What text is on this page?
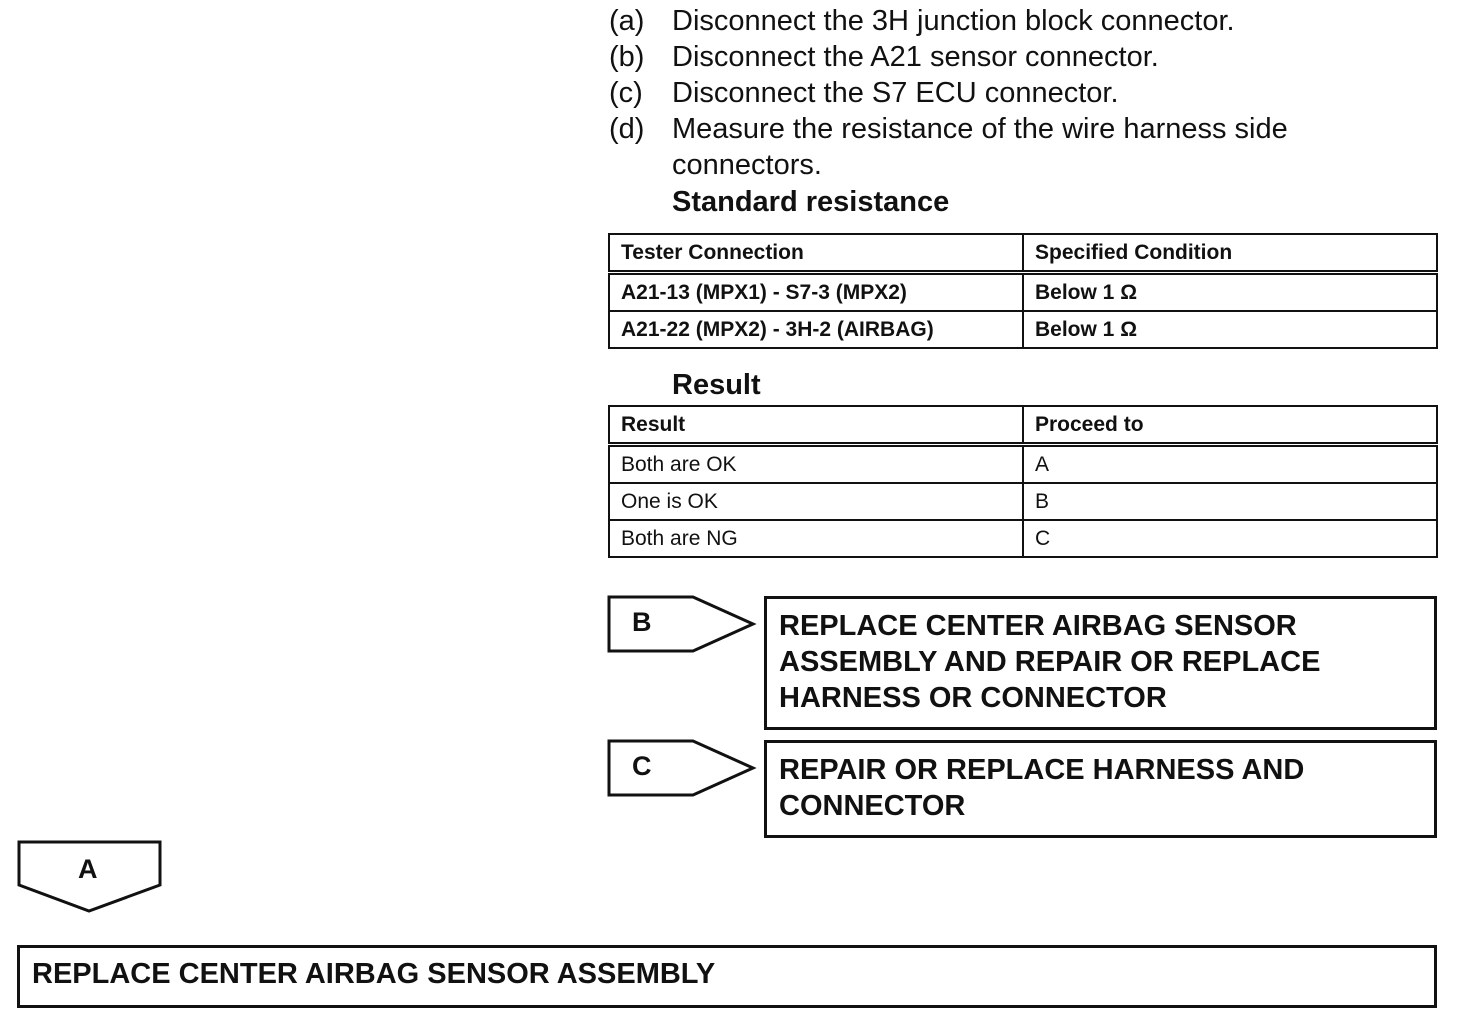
(a) Disconnect the 3H junction block connector.
(b) Disconnect the A21 sensor connector.
(c) Disconnect the S7 ECU connector.
(d) Measure the resistance of the wire harness side
connectors.
Standard resistance
Tester Connection	Specified Condition
A21-13 (MPX1) - S7-3 (MPX2)	Below 1 Ω
A21-22 (MPX2) - 3H-2 (AIRBAG)	Below 1 Ω
Result
Result	Proceed to
Both are OK	A
One is OK	B
Both are NG	C
B	REPLACE CENTER AIRBAG SENSOR
ASSEMBLY AND REPAIR OR REPLACE
HARNESS OR CONNECTOR
C	REPAIR OR REPLACE HARNESS AND
CONNECTOR
A
REPLACE CENTER AIRBAG SENSOR ASSEMBLY
